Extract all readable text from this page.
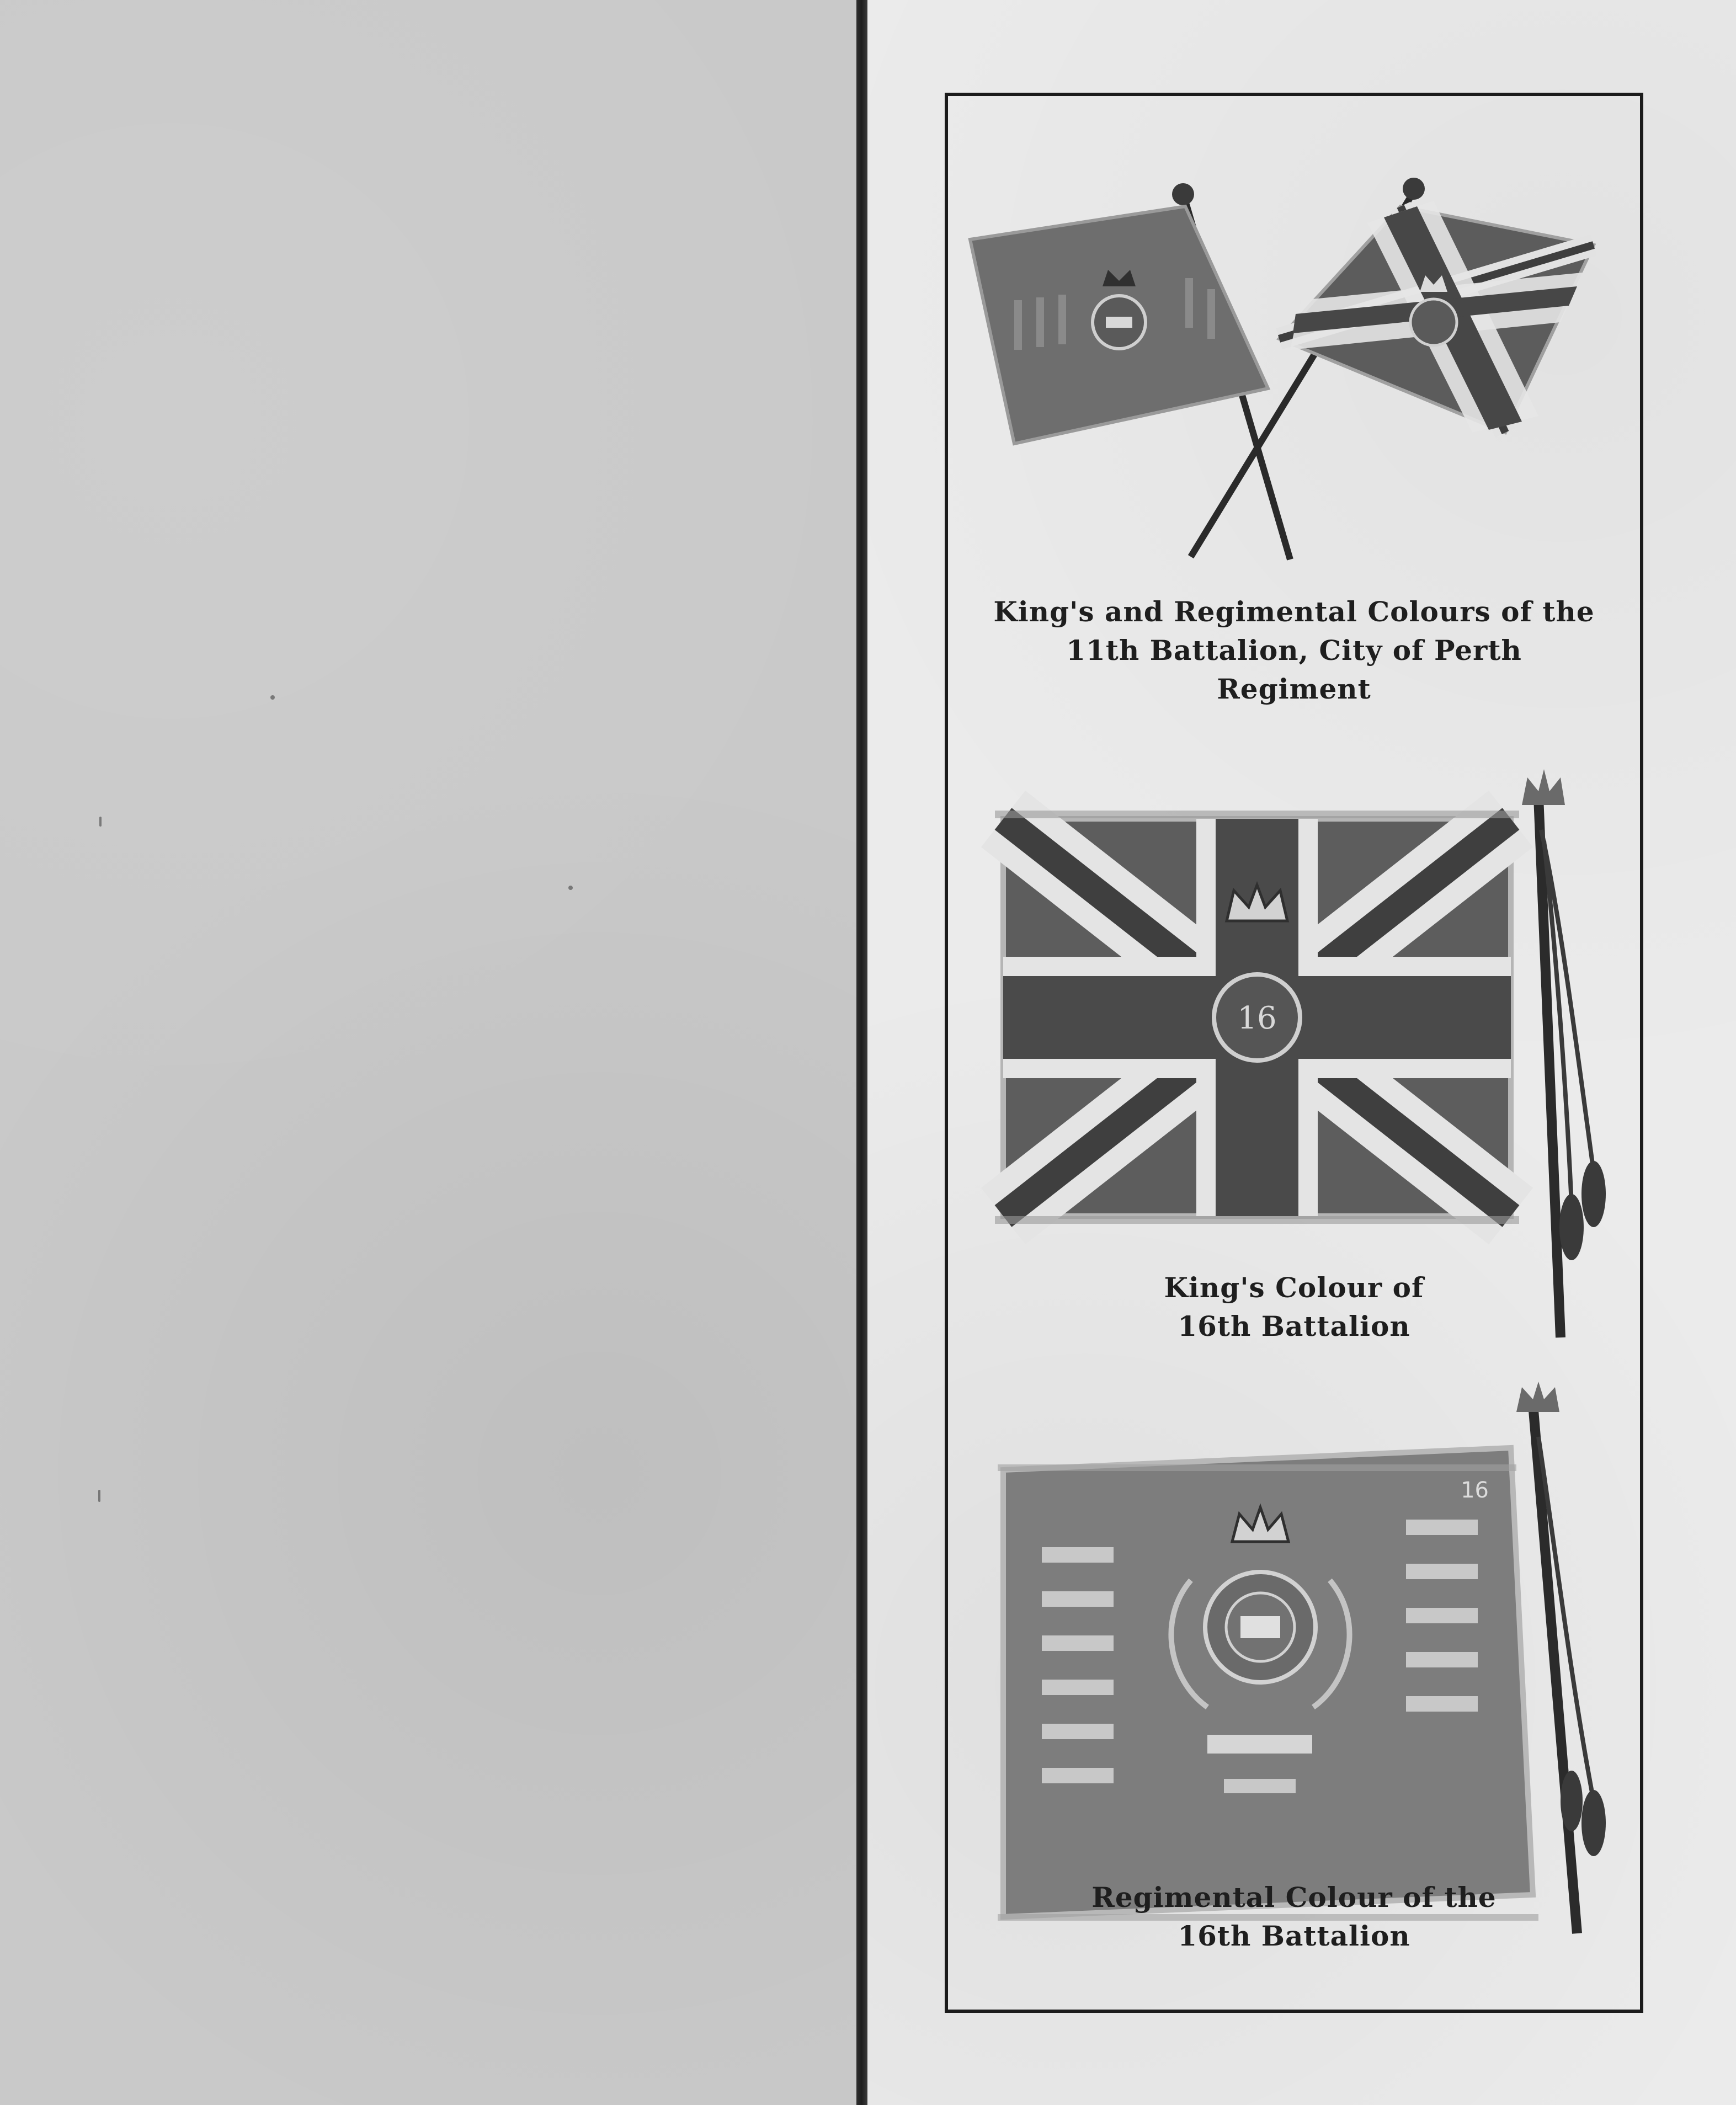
King's and Regimental Colours of the
11th Battalion, City of Perth
Regiment
16
King's Colour of
16th Battalion
16
Regimental Colour of the
16th Battalion
